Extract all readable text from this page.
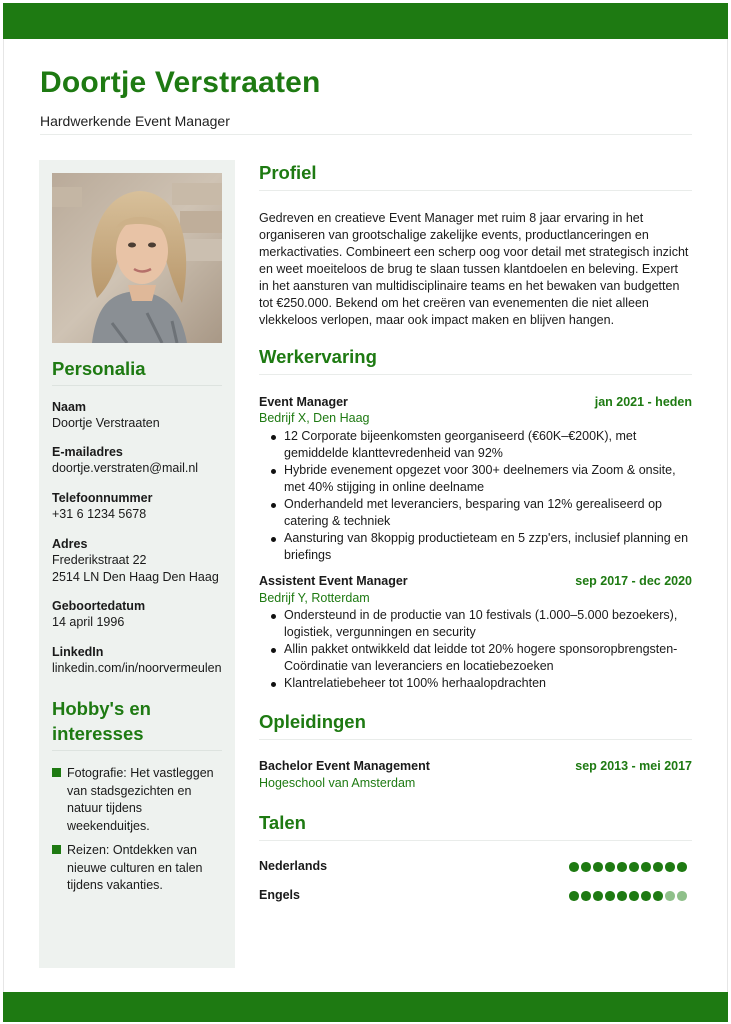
Doortje Verstraaten
Hardwerkende Event Manager
Personalia
Naam
Doortje Verstraaten
E-mailadres
doortje.verstraten@mail.nl
Telefoonnummer
+31 6 1234 5678
Adres
Frederikstraat 22
2514 LN Den Haag Den Haag
Geboortedatum
14 april 1996
LinkedIn
linkedin.com/in/noorvermeulen
Hobby's en
interesses
Fotografie: Het vastleggen van stadsgezichten en natuur tijdens weekenduitjes.
Reizen: Ontdekken van nieuwe culturen en talen tijdens vakanties.
Profiel
Gedreven en creatieve Event Manager met ruim 8 jaar ervaring in het organiseren van grootschalige zakelijke events, productlanceringen en merkactivaties. Combineert een scherp oog voor detail met strategisch inzicht en weet moeiteloos de brug te slaan tussen klantdoelen en beleving. Expert in het aansturen van multidisciplinaire teams en het bewaken van budgetten tot €250.000. Bekend om het creëren van evenementen die niet alleen vlekkeloos verlopen, maar ook impact maken en blijven hangen.
Werkervaring
Event Manager	jan 2021 - heden
Bedrijf X, Den Haag
12 Corporate bijeenkomsten georganiseerd (€60K–€200K), met gemiddelde klanttevredenheid van 92%
Hybride evenement opgezet voor 300+ deelnemers via Zoom & onsite, met 40% stijging in online deelname
Onderhandeld met leveranciers, besparing van 12% gerealiseerd op catering & techniek
Aansturing van 8koppig productieteam en 5 zzp'ers, inclusief planning en briefings
Assistent Event Manager	sep 2017 - dec 2020
Bedrijf Y, Rotterdam
Ondersteund in de productie van 10 festivals (1.000–5.000 bezoekers), logistiek, vergunningen en security
Allin pakket ontwikkeld dat leidde tot 20% hogere sponsoropbrengsten- Coördinatie van leveranciers en locatiebezoeken
Klantrelatiebeheer tot 100% herhaalopdrachten
Opleidingen
Bachelor Event Management	sep 2013 - mei 2017
Hogeschool van Amsterdam
Talen
Nederlands
Engels
